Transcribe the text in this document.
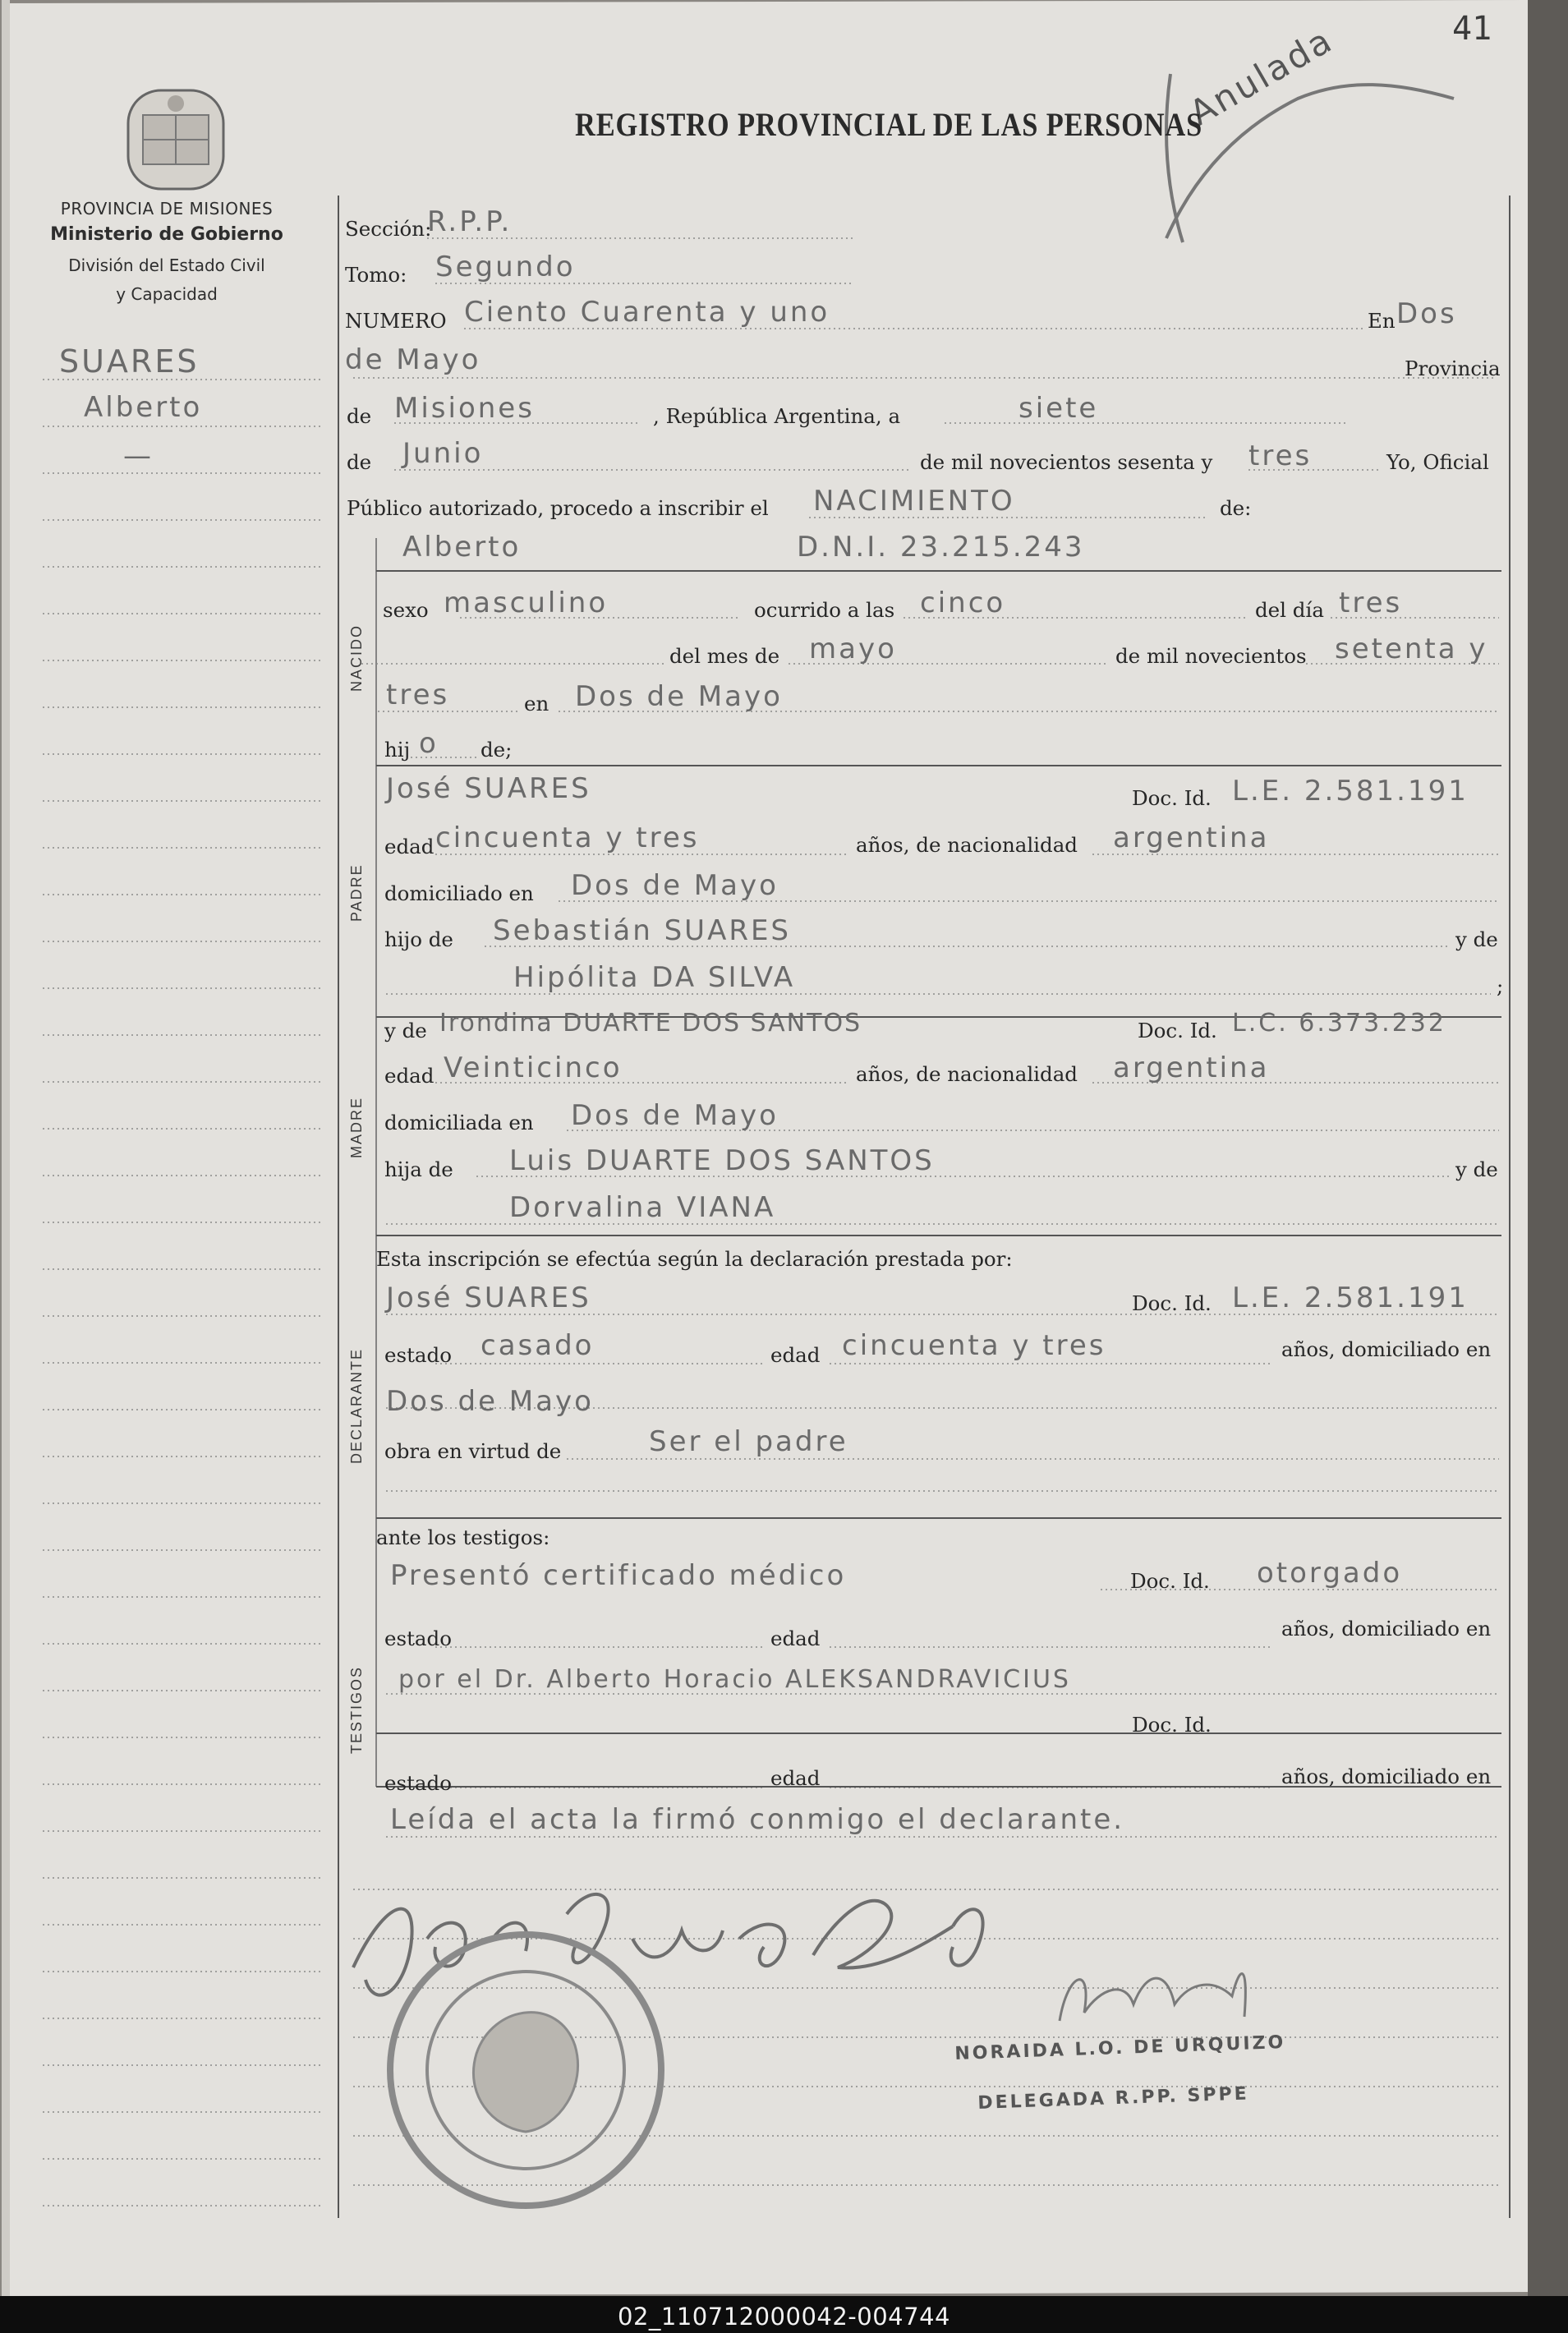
41
Anulada
PROVINCIA DE MISIONES
Ministerio de Gobierno
División del Estado Civil
y Capacidad
REGISTRO PROVINCIAL DE LAS PERSONAS
SUARES
Alberto
—
Sección:
R.P.P.
Tomo: Segundo
NUMERO Ciento Cuarenta y uno	En Dos
de Mayo	Provincia
de Misiones	, República Argentina, a	siete
de Junio	de mil novecientos sesenta y tres	Yo, Oficial
Público autorizado, procedo a inscribir el NACIMIENTO	de:
Alberto	D.N.I. 23.215.243
NACIDO
sexo masculino	ocurrido a las cinco	del día tres
del mes de mayo	de mil novecientos setenta y
tres	en Dos de Mayo
hij o de;
PADRE
José SUARES	Doc. Id. L.E. 2.581.191
edad cincuenta y tres	años, de nacionalidad argentina
domiciliado en Dos de Mayo
hijo de Sebastián SUARES	y de
Hipólita DA SILVA	;
y de Irondina DUARTE DOS SANTOS	Doc. Id. L.C. 6.373.232
MADRE
edad Veinticinco	años, de nacionalidad argentina
domiciliada en Dos de Mayo
hija de Luis DUARTE DOS SANTOS	y de
Dorvalina VIANA
Esta inscripción se efectúa según la declaración prestada por:
José SUARES	Doc. Id. L.E. 2.581.191
DECLARANTE estado casado	edad cincuenta y tres	años, domiciliado en
Dos de Mayo
obra en virtud de	Ser el padre
ante los testigos:
Presentó certificado médico	Doc. Id. otorgado
TESTIGOS
estado	edad	años, domiciliado en
por el Dr. Alberto Horacio ALEKSANDRAVICIUS
Doc. Id.
estado	edad	años, domiciliado en
Leída el acta la firmó conmigo el declarante.
NORAIDA L.O. DE URQUIZO
DELEGADA R.PP. SPPE
02_110712000042-004744
